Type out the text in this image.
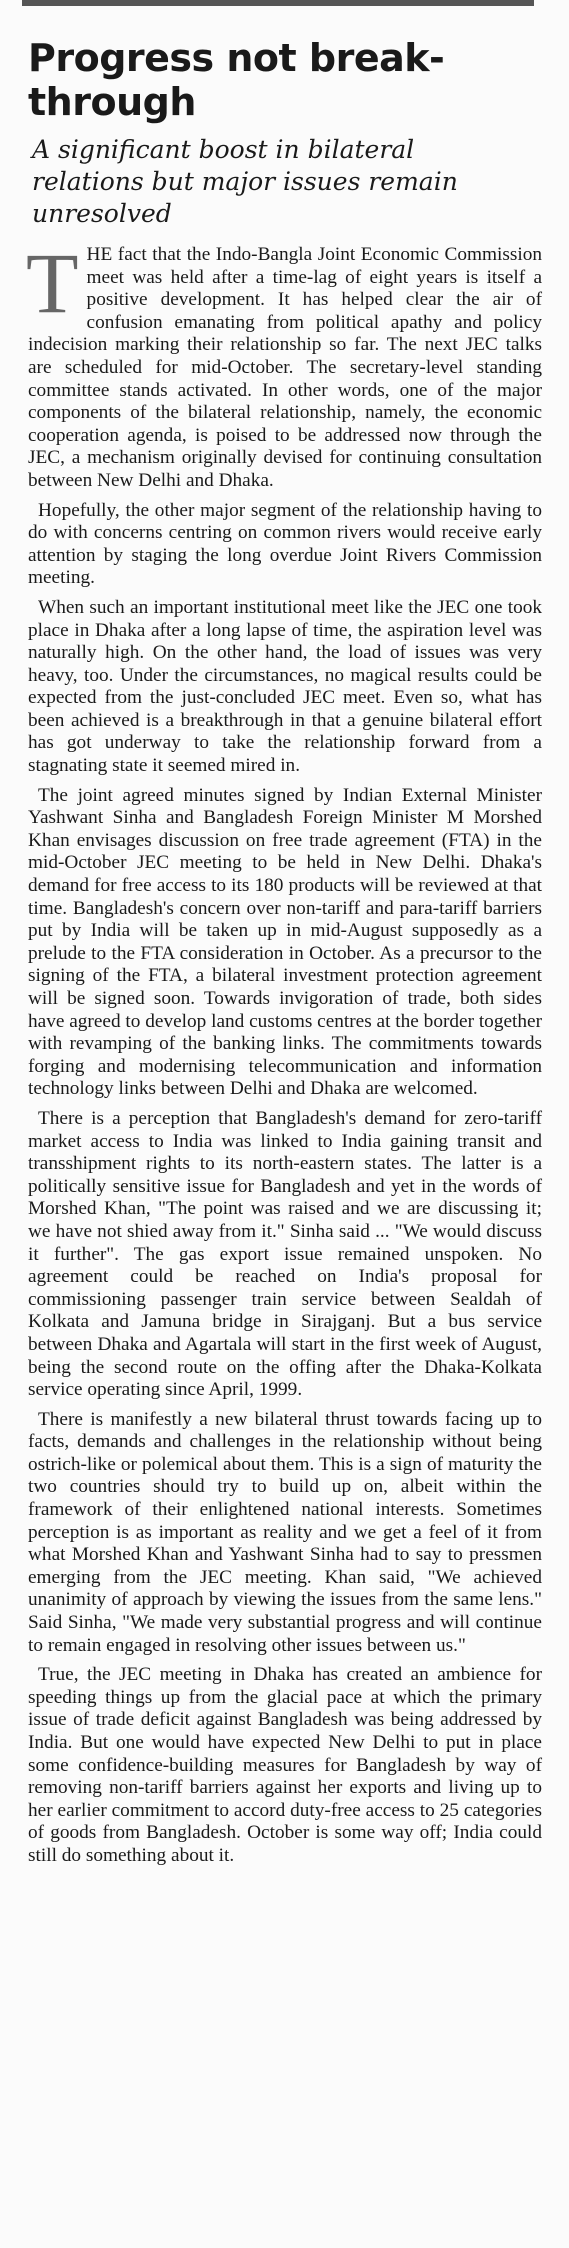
Progress not break-through
A significant boost in bilateral relations but major issues remain unresolved

THE fact that the Indo-Bangla Joint Economic Commission meet was held after a time-lag of eight years is itself a positive development. It has helped clear the air of confusion emanating from political apathy and policy indecision marking their relationship so far. The next JEC talks are scheduled for mid-October. The secretary-level standing committee stands activated. In other words, one of the major components of the bilateral relationship, namely, the economic cooperation agenda, is poised to be addressed now through the JEC, a mechanism originally devised for continuing consultation between New Delhi and Dhaka.

Hopefully, the other major segment of the relationship having to do with concerns centring on common rivers would receive early attention by staging the long overdue Joint Rivers Commission meeting.

When such an important institutional meet like the JEC one took place in Dhaka after a long lapse of time, the aspiration level was naturally high. On the other hand, the load of issues was very heavy, too. Under the circumstances, no magical results could be expected from the just-concluded JEC meet. Even so, what has been achieved is a breakthrough in that a genuine bilateral effort has got underway to take the relationship forward from a stagnating state it seemed mired in.

The joint agreed minutes signed by Indian External Minister Yashwant Sinha and Bangladesh Foreign Minister M Morshed Khan envisages discussion on free trade agreement (FTA) in the mid-October JEC meeting to be held in New Delhi. Dhaka's demand for free access to its 180 products will be reviewed at that time. Bangladesh's concern over non-tariff and para-tariff barriers put by India will be taken up in mid-August supposedly as a prelude to the FTA consideration in October. As a precursor to the signing of the FTA, a bilateral investment protection agreement will be signed soon. Towards invigoration of trade, both sides have agreed to develop land customs centres at the border together with revamping of the banking links. The commitments towards forging and modernising telecommunication and information technology links between Delhi and Dhaka are welcomed.

There is a perception that Bangladesh's demand for zero-tariff market access to India was linked to India gaining transit and transshipment rights to its north-eastern states. The latter is a politically sensitive issue for Bangladesh and yet in the words of Morshed Khan, "The point was raised and we are discussing it; we have not shied away from it." Sinha said ... "We would discuss it further". The gas export issue remained unspoken. No agreement could be reached on India's proposal for commissioning passenger train service between Sealdah of Kolkata and Jamuna bridge in Sirajganj. But a bus service between Dhaka and Agartala will start in the first week of August, being the second route on the offing after the Dhaka-Kolkata service operating since April, 1999.

There is manifestly a new bilateral thrust towards facing up to facts, demands and challenges in the relationship without being ostrich-like or polemical about them. This is a sign of maturity the two countries should try to build up on, albeit within the framework of their enlightened national interests. Sometimes perception is as important as reality and we get a feel of it from what Morshed Khan and Yashwant Sinha had to say to pressmen emerging from the JEC meeting. Khan said, "We achieved unanimity of approach by viewing the issues from the same lens." Said Sinha, "We made very substantial progress and will continue to remain engaged in resolving other issues between us."

True, the JEC meeting in Dhaka has created an ambience for speeding things up from the glacial pace at which the primary issue of trade deficit against Bangladesh was being addressed by India. But one would have expected New Delhi to put in place some confidence-building measures for Bangladesh by way of removing non-tariff barriers against her exports and living up to her earlier commitment to accord duty-free access to 25 categories of goods from Bangladesh. October is some way off; India could still do something about it.
